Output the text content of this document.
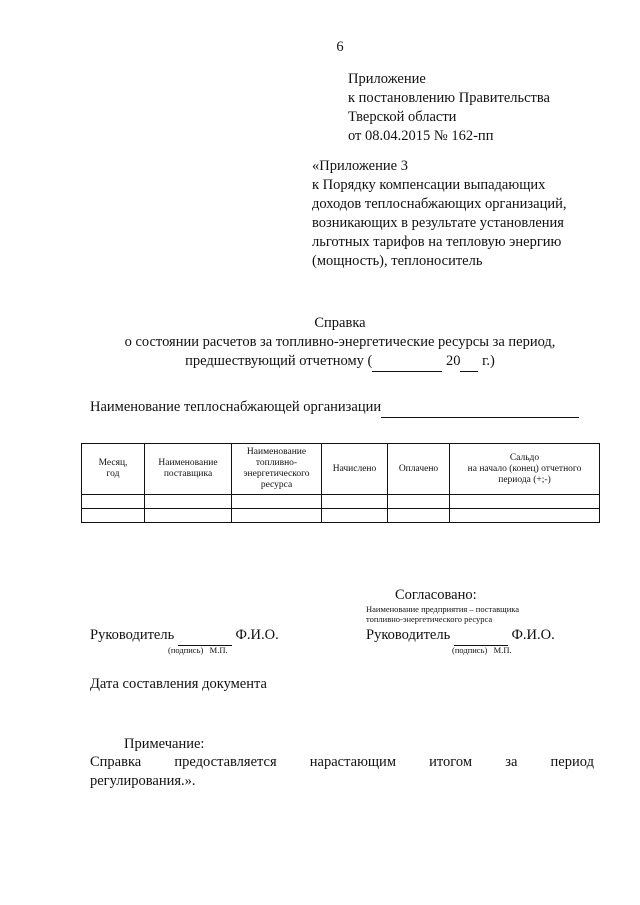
6
Приложение
к постановлению Правительства
Тверской области
от 08.04.2015 № 162-пп
«Приложение 3
к Порядку компенсации выпадающих
доходов теплоснабжающих организаций,
возникающих в результате установления
льготных тарифов на тепловую энергию
(мощность), теплоноситель
Справка
о состоянии расчетов за топливно-энергетические ресурсы за период,
предшествующий отчетному (	20  г.)
Наименование теплоснабжающей организации
Месяц,
год	Наименование
поставщика	Наименование
топливно-
энергетического
ресурса	Начислено	Оплачено	Сальдо
на начало (конец) отчетного
периода (+;-)

Согласовано:
Наименование предприятия – поставщика
топливно-энергетического ресурса
Руководитель	Ф.И.О.
(подпись)   М.П.
Руководитель	Ф.И.О.
(подпись)   М.П.
Дата составления документа
Примечание:
Справка предоставляется нарастающим итогом за период
регулирования.».
